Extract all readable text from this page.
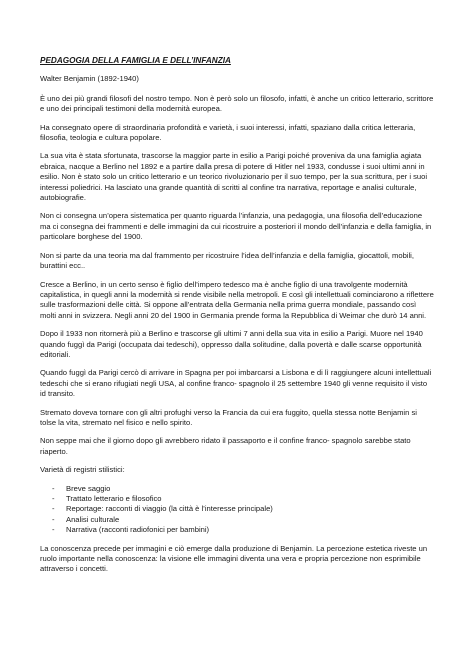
PEDAGOGIA DELLA FAMIGLIA E DELL’INFANZIA
Walter Benjamin (1892-1940)
È uno dei più grandi filosofi del nostro tempo. Non è però solo un filosofo, infatti, è anche un critico letterario, scrittore e uno dei principali testimoni della modernità europea.
Ha consegnato opere di straordinaria profondità e varietà, i suoi interessi, infatti, spaziano dalla critica letteraria, filosofia, teologia e cultura popolare.
La sua vita è stata sfortunata, trascorse la maggior parte in esilio a Parigi poiché proveniva da una famiglia agiata ebraica, nacque a Berlino nel 1892 e a partire dalla presa di potere di Hitler nel 1933, condusse i suoi ultimi anni in esilio. Non è stato solo un critico letterario e un teorico rivoluzionario per il suo tempo, per la sua scrittura, per i suoi interessi poliedrici. Ha lasciato una grande quantità di scritti al confine tra narrativa, reportage e analisi culturale, autobiografie.
Non ci consegna un’opera sistematica per quanto riguarda l’infanzia, una pedagogia, una filosofia dell’educazione ma ci consegna dei frammenti e delle immagini da cui ricostruire a posteriori il mondo dell’infanzia e della famiglia, in particolare borghese del 1900.
Non si parte da una teoria ma dal frammento per ricostruire l’idea dell’infanzia e della famiglia, giocattoli, mobili, burattini ecc..
Cresce a Berlino, in un certo senso è figlio dell’impero tedesco ma è anche figlio di una travolgente modernità capitalistica, in quegli anni la modernità si rende visibile nella metropoli. E così gli intellettuali cominciarono a riflettere sulle trasformazioni delle città. Si oppone all’entrata della Germania nella prima guerra mondiale, passando così molti anni in svizzera. Negli anni 20 del 1900 in Germania prende forma la Repubblica di Weimar che durò 14 anni.
Dopo il 1933 non ritornerà più a Berlino e trascorse gli ultimi 7 anni della sua vita in esilio a Parigi. Muore nel 1940 quando fuggì da Parigi (occupata dai tedeschi), oppresso dalla solitudine, dalla povertà e dalle scarse opportunità editoriali.
Quando fuggì da Parigi cercò di arrivare in Spagna per poi imbarcarsi a Lisbona e di lì raggiungere alcuni intellettuali tedeschi che si erano rifugiati negli USA, al confine franco- spagnolo il 25 settembre 1940 gli venne requisito il visto id transito.
Stremato doveva tornare con gli altri profughi verso la Francia da cui era fuggito, quella stessa notte Benjamin si tolse la vita, stremato nel fisico e nello spirito.
Non seppe mai che il giorno dopo gli avrebbero ridato il passaporto e il confine franco- spagnolo sarebbe stato riaperto.
Varietà di registri stilistici:
- Breve saggio
- Trattato letterario e filosofico
- Reportage: racconti di viaggio (la città è l’interesse principale)
- Analisi culturale
- Narrativa (racconti radiofonici per bambini)
La conoscenza precede per immagini e ciò emerge dalla produzione di Benjamin. La percezione estetica riveste un ruolo importante nella conoscenza: la visione elle immagini diventa una vera e propria percezione non esprimibile attraverso i concetti.
